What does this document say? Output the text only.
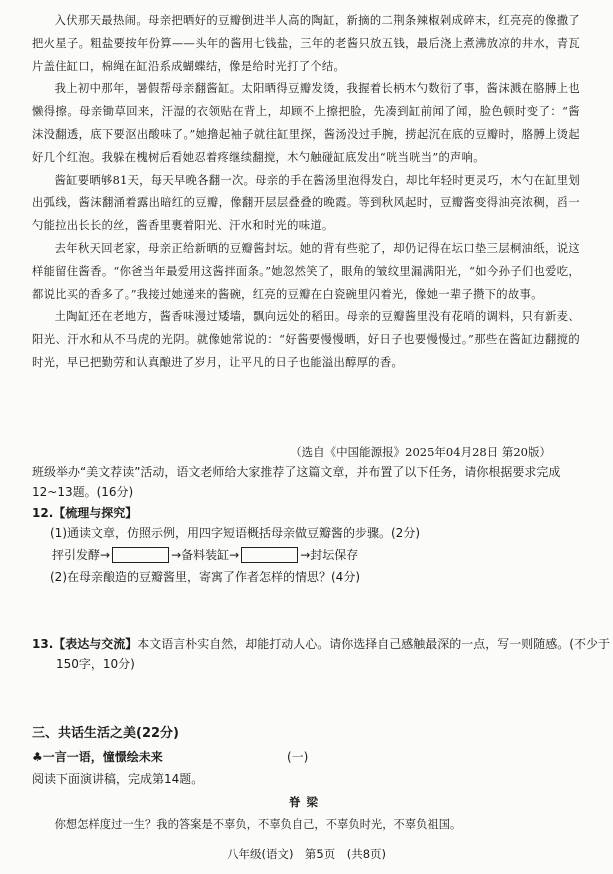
入伏那天最热闹。母亲把晒好的豆瓣倒进半人高的陶缸，新摘的二荆条辣椒剁成碎末，红亮亮的像撒了把火星子。粗盐要按年份算——头年的酱用七钱盐，三年的老酱只放五钱，最后浇上煮沸放凉的井水，青瓦片盖住缸口，棉绳在缸沿系成蝴蝶结，像是给时光打了个结。

我上初中那年，暑假帮母亲翻酱缸。太阳晒得豆瓣发烫，我握着长柄木勺数衍了事，酱沫溅在胳膊上也懒得擦。母亲锄草回来，汗湿的衣领贴在背上，却顾不上擦把脸，先凑到缸前闻了闻，脸色顿时变了：“酱沫没翻透，底下要沤出酸味了。”她撸起袖子就往缸里探，酱汤没过手腕，捞起沉在底的豆瓣时，胳膊上烫起好几个红泡。我躲在槐树后看她忍着疼继续翻搅，木勺触碰缸底发出“咣当咣当”的声响。

酱缸要晒够81天，每天早晚各翻一次。母亲的手在酱汤里泡得发白，却比年轻时更灵巧，木勺在缸里划出弧线，酱沫翻涌着露出暗红的豆瓣，像翻开层层叠叠的晚霞。等到秋风起时，豆瓣酱变得油亮浓稠，舀一勺能拉出长长的丝，酱香里裹着阳光、汗水和时光的味道。

去年秋天回老家，母亲正给新晒的豆瓣酱封坛。她的背有些驼了，却仍记得在坛口垫三层桐油纸，说这样能留住酱香。“你爸当年最爱用这酱拌面条。”她忽然笑了，眼角的皱纹里漏满阳光，“如今孙子们也爱吃，都说比买的香多了。”我接过她递来的酱碗，红亮的豆瓣在白瓷碗里闪着光，像她一辈子攒下的故事。

土陶缸还在老地方，酱香味漫过矮墙，飘向远处的稻田。母亲的豆瓣酱里没有花哨的调料，只有新麦、阳光、汗水和从不马虎的光阴。就像她常说的：“好酱要慢慢晒，好日子也要慢慢过。”那些在酱缸边翻搅的时光，早已把勤劳和认真酿进了岁月，让平凡的日子也能溢出醇厚的香。

（选自《中国能源报》2025年04月28日 第20版）
班级举办“美文荐读”活动，语文老师给大家推荐了这篇文章，并布置了以下任务，请你根据要求完成12~13题。(16分)
12.【梳理与探究】
(1)通读文章，仿照示例，用四字短语概括母亲做豆瓣酱的步骤。(2分)
抨引发酵→	→备料装缸→	→封坛保存
(2)在母亲酿造的豆瓣酱里，寄寓了作者怎样的情思？(4分)
13.【表达与交流】本文语言朴实自然，却能打动人心。请你选择自己感触最深的一点，写一则随感。(不少于150字，10分)
三、共话生活之美(22分)
♣一言一语，憧憬绘未来	(一)
阅读下面演讲稿，完成第14题。
脊梁
你想怎样度过一生？我的答案是不辜负，不辜负自己，不辜负时光，不辜负祖国。
八年级(语文)　第5页　(共8页)
